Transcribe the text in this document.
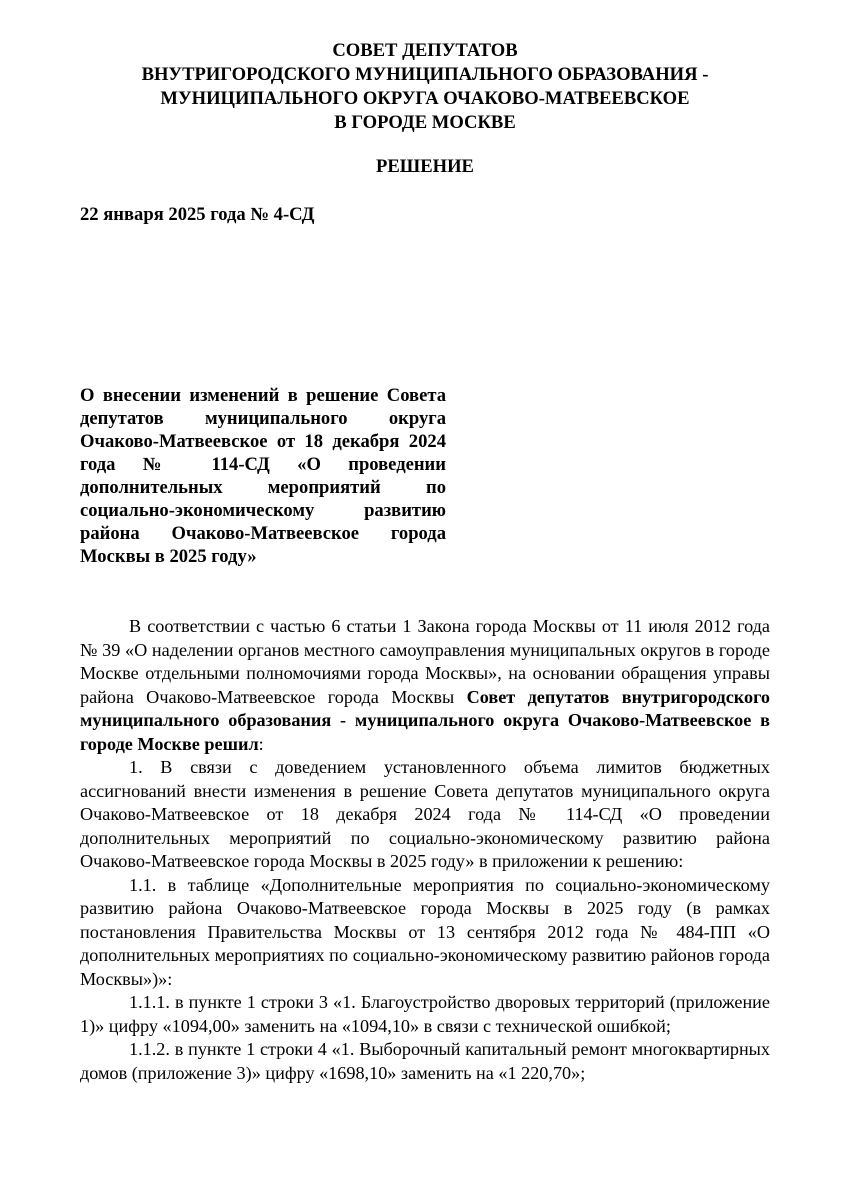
СОВЕТ ДЕПУТАТОВ
ВНУТРИГОРОДСКОГО МУНИЦИПАЛЬНОГО ОБРАЗОВАНИЯ -
МУНИЦИПАЛЬНОГО ОКРУГА ОЧАКОВО-МАТВЕЕВСКОЕ
В ГОРОДЕ МОСКВЕ
РЕШЕНИЕ
22 января 2025 года № 4-СД
О внесении изменений в решение Совета депутатов муниципального округа Очаково-Матвеевское от 18 декабря 2024 года № 114-СД «О проведении дополнительных мероприятий по социально-экономическому развитию района Очаково-Матвеевское города Москвы в 2025 году»

В соответствии с частью 6 статьи 1 Закона города Москвы от 11 июля 2012 года № 39 «О наделении органов местного самоуправления муниципальных округов в городе Москве отдельными полномочиями города Москвы», на основании обращения управы района Очаково-Матвеевское города Москвы Совет депутатов внутригородского муниципального образования - муниципального округа Очаково-Матвеевское в городе Москве решил:

1. В связи с доведением установленного объема лимитов бюджетных ассигнований внести изменения в решение Совета депутатов муниципального округа Очаково-Матвеевское от 18 декабря 2024 года № 114-СД «О проведении дополнительных мероприятий по социально-экономическому развитию района Очаково-Матвеевское города Москвы в 2025 году» в приложении к решению:

1.1. в таблице «Дополнительные мероприятия по социально-экономическому развитию района Очаково-Матвеевское города Москвы в 2025 году (в рамках постановления Правительства Москвы от 13 сентября 2012 года № 484-ПП «О дополнительных мероприятиях по социально-экономическому развитию районов города Москвы»)»:

1.1.1. в пункте 1 строки 3 «1. Благоустройство дворовых территорий (приложение 1)» цифру «1094,00» заменить на «1094,10» в связи с технической ошибкой;

1.1.2. в пункте 1 строки 4 «1. Выборочный капитальный ремонт многоквартирных домов (приложение 3)» цифру «1698,10» заменить на «1 220,70»;
